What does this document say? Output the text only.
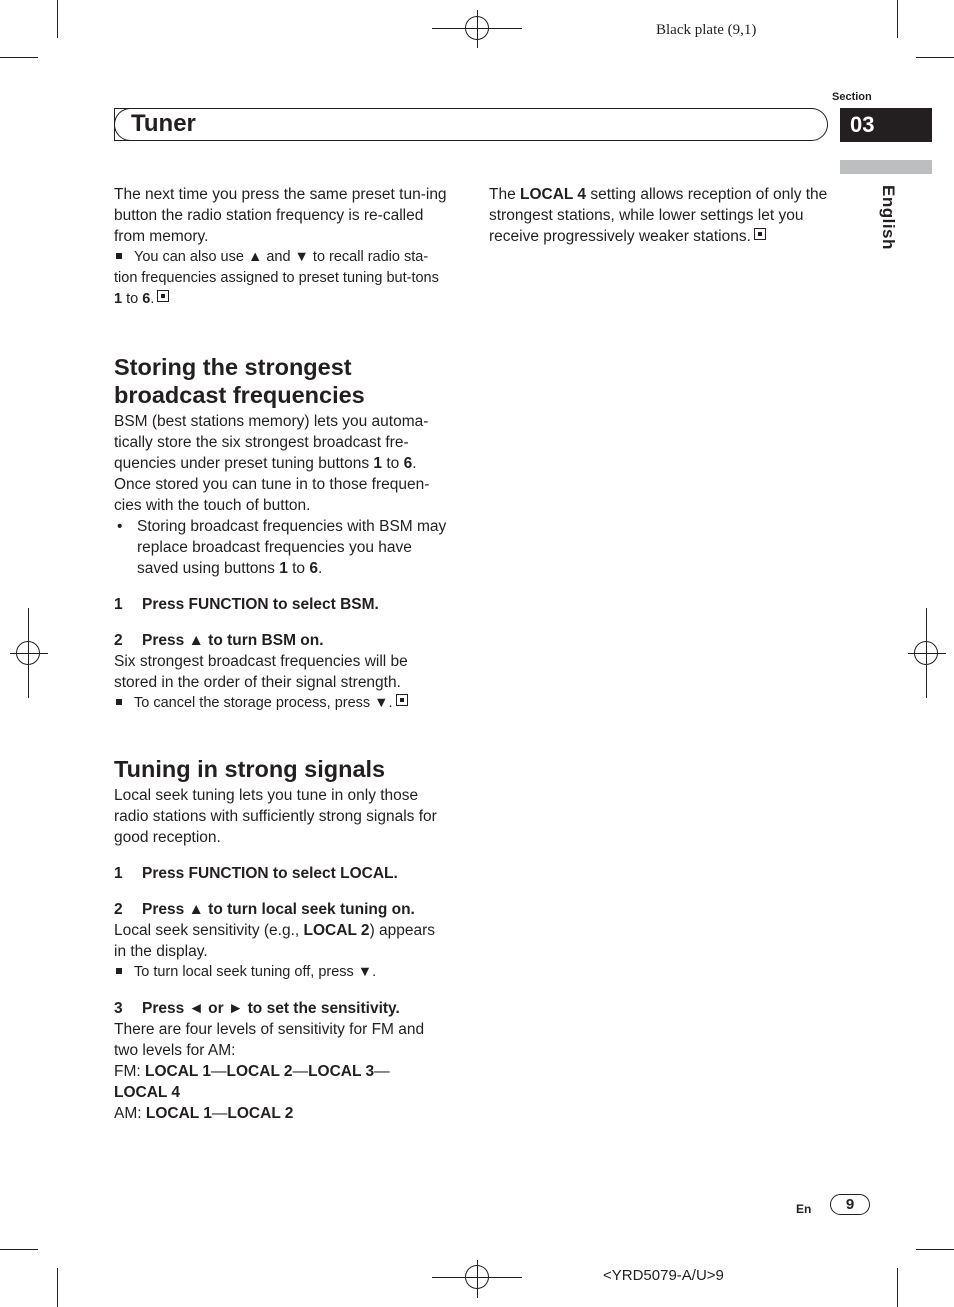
Black plate (9,1)
Section
03
English
Tuner

The next time you press the same preset tun-ing button the radio station frequency is re-called from memory.

You can also use ▲ and ▼ to recall radio sta-tion frequencies assigned to preset tuning but-tons 1 to 6.

Storing the strongest
broadcast frequencies

BSM (best stations memory) lets you automa-tically store the six strongest broadcast fre-quencies under preset tuning buttons 1 to 6. Once stored you can tune in to those frequen-cies with the touch of button.

• Storing broadcast frequencies with BSM may replace broadcast frequencies you have saved using buttons 1 to 6.

1 Press FUNCTION to select BSM.

2 Press ▲ to turn BSM on.

Six strongest broadcast frequencies will be stored in the order of their signal strength.

To cancel the storage process, press ▼.

Tuning in strong signals

Local seek tuning lets you tune in only those radio stations with sufficiently strong signals for good reception.

1 Press FUNCTION to select LOCAL.

2 Press ▲ to turn local seek tuning on.

Local seek sensitivity (e.g., LOCAL 2) appears in the display.

To turn local seek tuning off, press ▼.

3 Press ◄ or ► to set the sensitivity.

There are four levels of sensitivity for FM and two levels for AM:

FM: LOCAL 1—LOCAL 2—LOCAL 3—
LOCAL 4

AM: LOCAL 1—LOCAL 2

The LOCAL 4 setting allows reception of only the strongest stations, while lower settings let you receive progressively weaker stations.

En	9
<YRD5079-A/U>9
